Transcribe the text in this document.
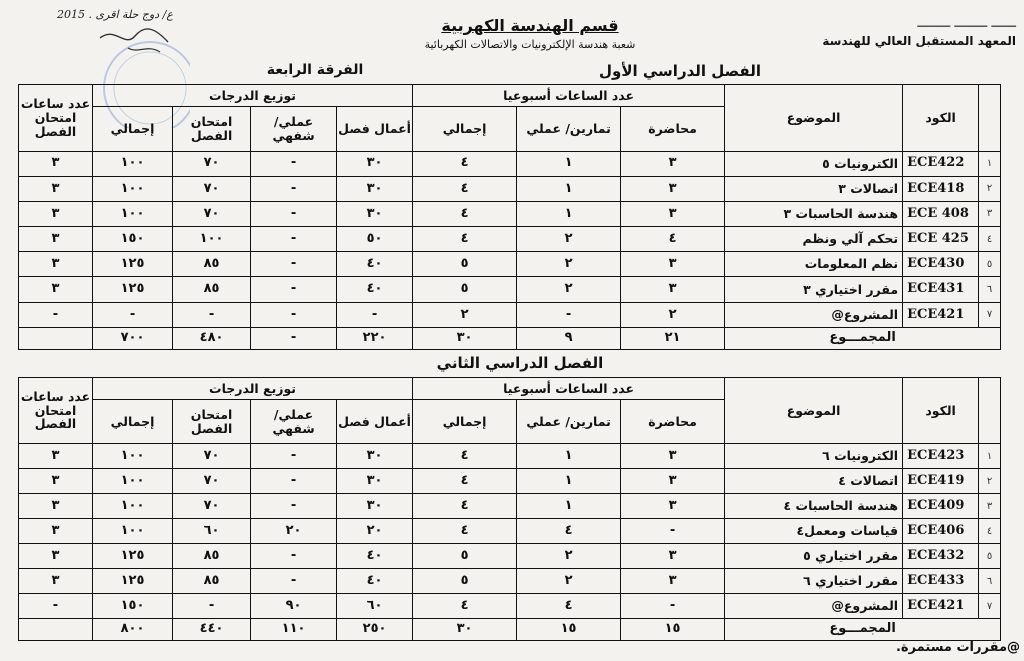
قسم الهندسة الكهربية
شعبة هندسة الإلكترونيات والاتصالات الكهربائية
ــــــ ــــــــ ــــــــ
المعهد المستقبل العالي للهندسة
ع/ دوج حلة اقرى . 2015
الفصل الدراسي الأول
الفرقة الرابعة
	الكود	الموضوع	عدد الساعات أسبوعيا			توزيع الدرجات				عدد ساعات امتحان الفصل
			محاضرة	تمارين/ عملي	إجمالي	أعمال فصل	عملي/ شفهي	امتحان الفصل	إجمالي	
١	ECE422	الكترونيات ٥	٣	١	٤	٣٠	-	٧٠	١٠٠	٣
٢	ECE418	اتصالات ٣	٣	١	٤	٣٠	-	٧٠	١٠٠	٣
٣	ECE 408	هندسة الحاسبات ٣	٣	١	٤	٣٠	-	٧٠	١٠٠	٣
٤	ECE 425	تحكم آلي ونظم	٤	٢	٤	٥٠	-	١٠٠	١٥٠	٣
٥	ECE430	نظم المعلومات	٣	٢	٥	٤٠	-	٨٥	١٢٥	٣
٦	ECE431	مقرر اختياري ٣	٣	٢	٥	٤٠	-	٨٥	١٢٥	٣
٧	ECE421	المشروع@	٢	-	٢	-	-	-	-	-
المجمـــوع			٢١	٩	٣٠	٢٢٠	-	٤٨٠	٧٠٠	
الفصل الدراسي الثاني
	الكود	الموضوع	عدد الساعات أسبوعيا			توزيع الدرجات				عدد ساعات امتحان الفصل
			محاضرة	تمارين/ عملي	إجمالي	أعمال فصل	عملي/ شفهي	امتحان الفصل	إجمالي	
١	ECE423	الكترونيات ٦	٣	١	٤	٣٠	-	٧٠	١٠٠	٣
٢	ECE419	اتصالات ٤	٣	١	٤	٣٠	-	٧٠	١٠٠	٣
٣	ECE409	هندسة الحاسبات ٤	٣	١	٤	٣٠	-	٧٠	١٠٠	٣
٤	ECE406	قياسات ومعمل٤	-	٤	٤	٢٠	٢٠	٦٠	١٠٠	٣
٥	ECE432	مقرر اختياري ٥	٣	٢	٥	٤٠	-	٨٥	١٢٥	٣
٦	ECE433	مقرر اختياري ٦	٣	٢	٥	٤٠	-	٨٥	١٢٥	٣
٧	ECE421	المشروع@	-	٤	٤	٦٠	٩٠	-	١٥٠	-
المجمـــوع			١٥	١٥	٣٠	٢٥٠	١١٠	٤٤٠	٨٠٠	
@مقررات مستمرة.
